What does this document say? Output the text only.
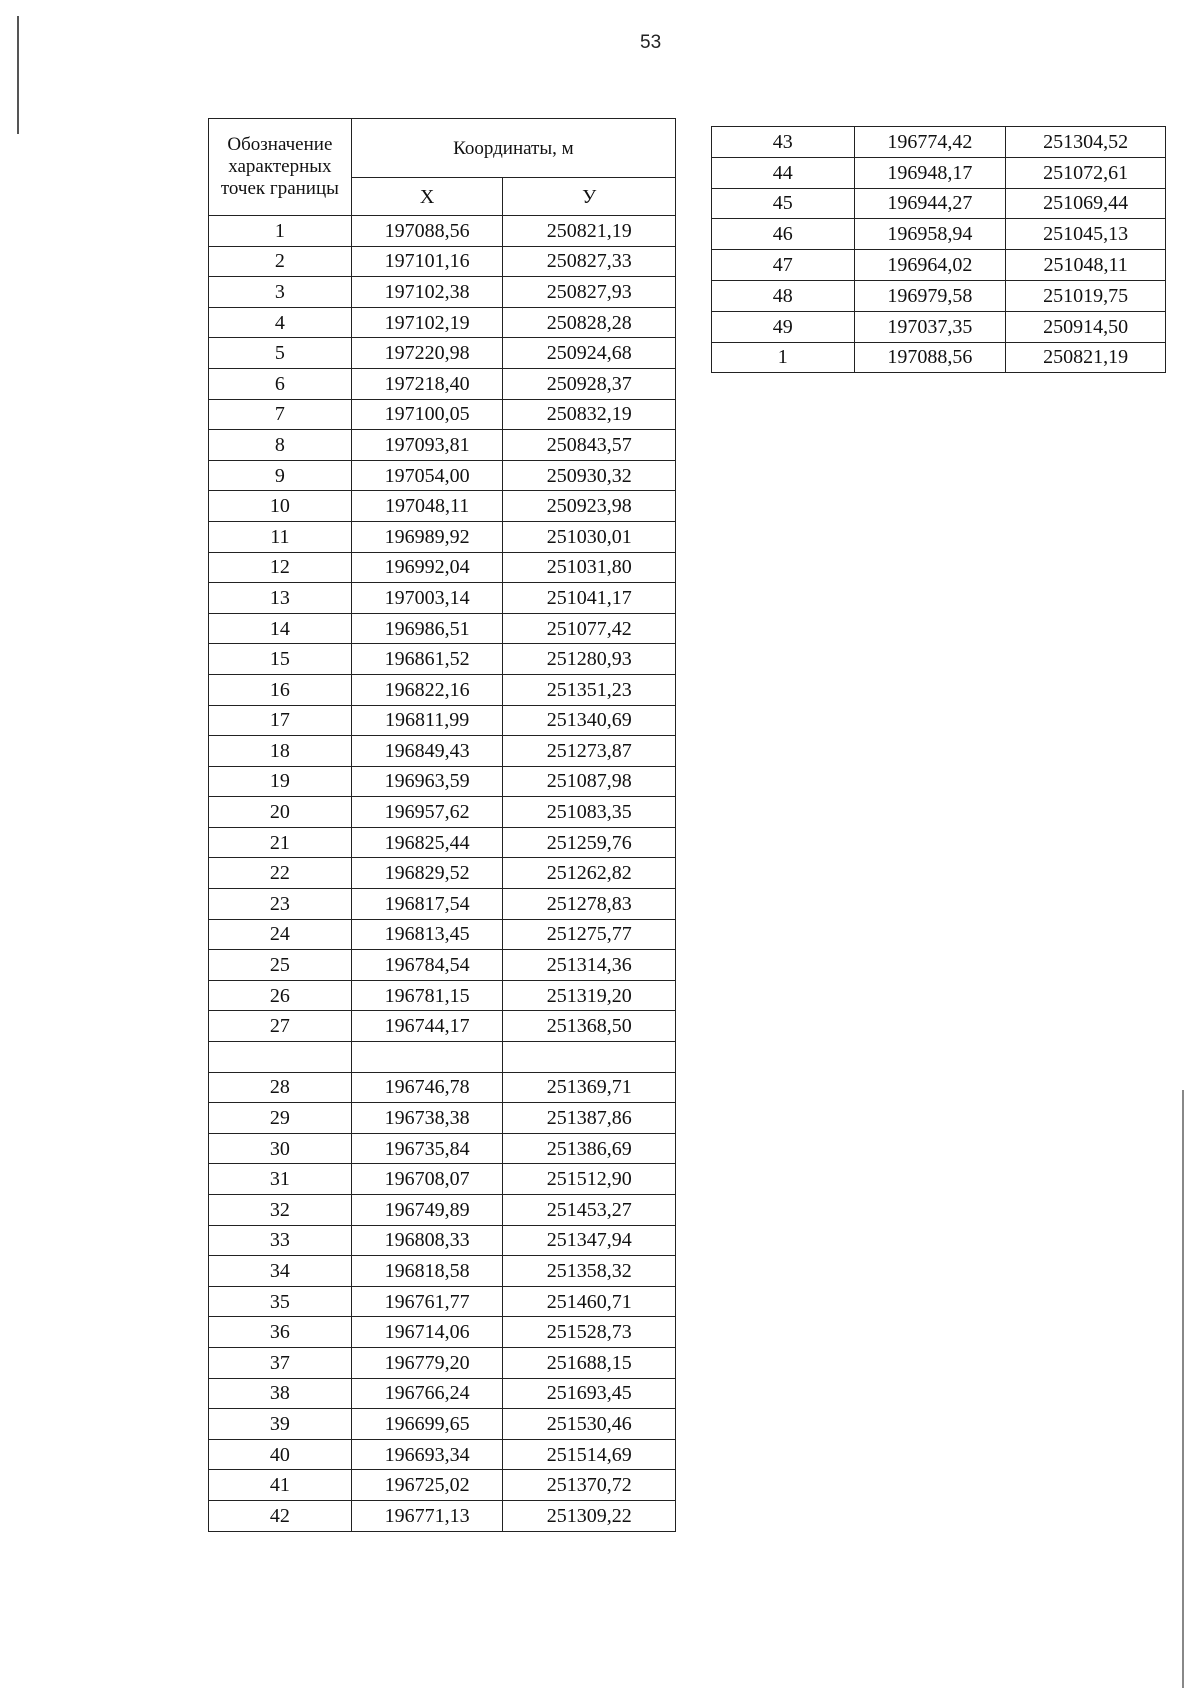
53
Обозначение характерных точек границы	Координаты, м	
	X	У
1	197088,56	250821,19
2	197101,16	250827,33
3	197102,38	250827,93
4	197102,19	250828,28
5	197220,98	250924,68
6	197218,40	250928,37
7	197100,05	250832,19
8	197093,81	250843,57
9	197054,00	250930,32
10	197048,11	250923,98
11	196989,92	251030,01
12	196992,04	251031,80
13	197003,14	251041,17
14	196986,51	251077,42
15	196861,52	251280,93
16	196822,16	251351,23
17	196811,99	251340,69
18	196849,43	251273,87
19	196963,59	251087,98
20	196957,62	251083,35
21	196825,44	251259,76
22	196829,52	251262,82
23	196817,54	251278,83
24	196813,45	251275,77
25	196784,54	251314,36
26	196781,15	251319,20
27	196744,17	251368,50

28	196746,78	251369,71
29	196738,38	251387,86
30	196735,84	251386,69
31	196708,07	251512,90
32	196749,89	251453,27
33	196808,33	251347,94
34	196818,58	251358,32
35	196761,77	251460,71
36	196714,06	251528,73
37	196779,20	251688,15
38	196766,24	251693,45
39	196699,65	251530,46
40	196693,34	251514,69
41	196725,02	251370,72
42	196771,13	251309,22
43	196774,42	251304,52
44	196948,17	251072,61
45	196944,27	251069,44
46	196958,94	251045,13
47	196964,02	251048,11
48	196979,58	251019,75
49	197037,35	250914,50
1	197088,56	250821,19
